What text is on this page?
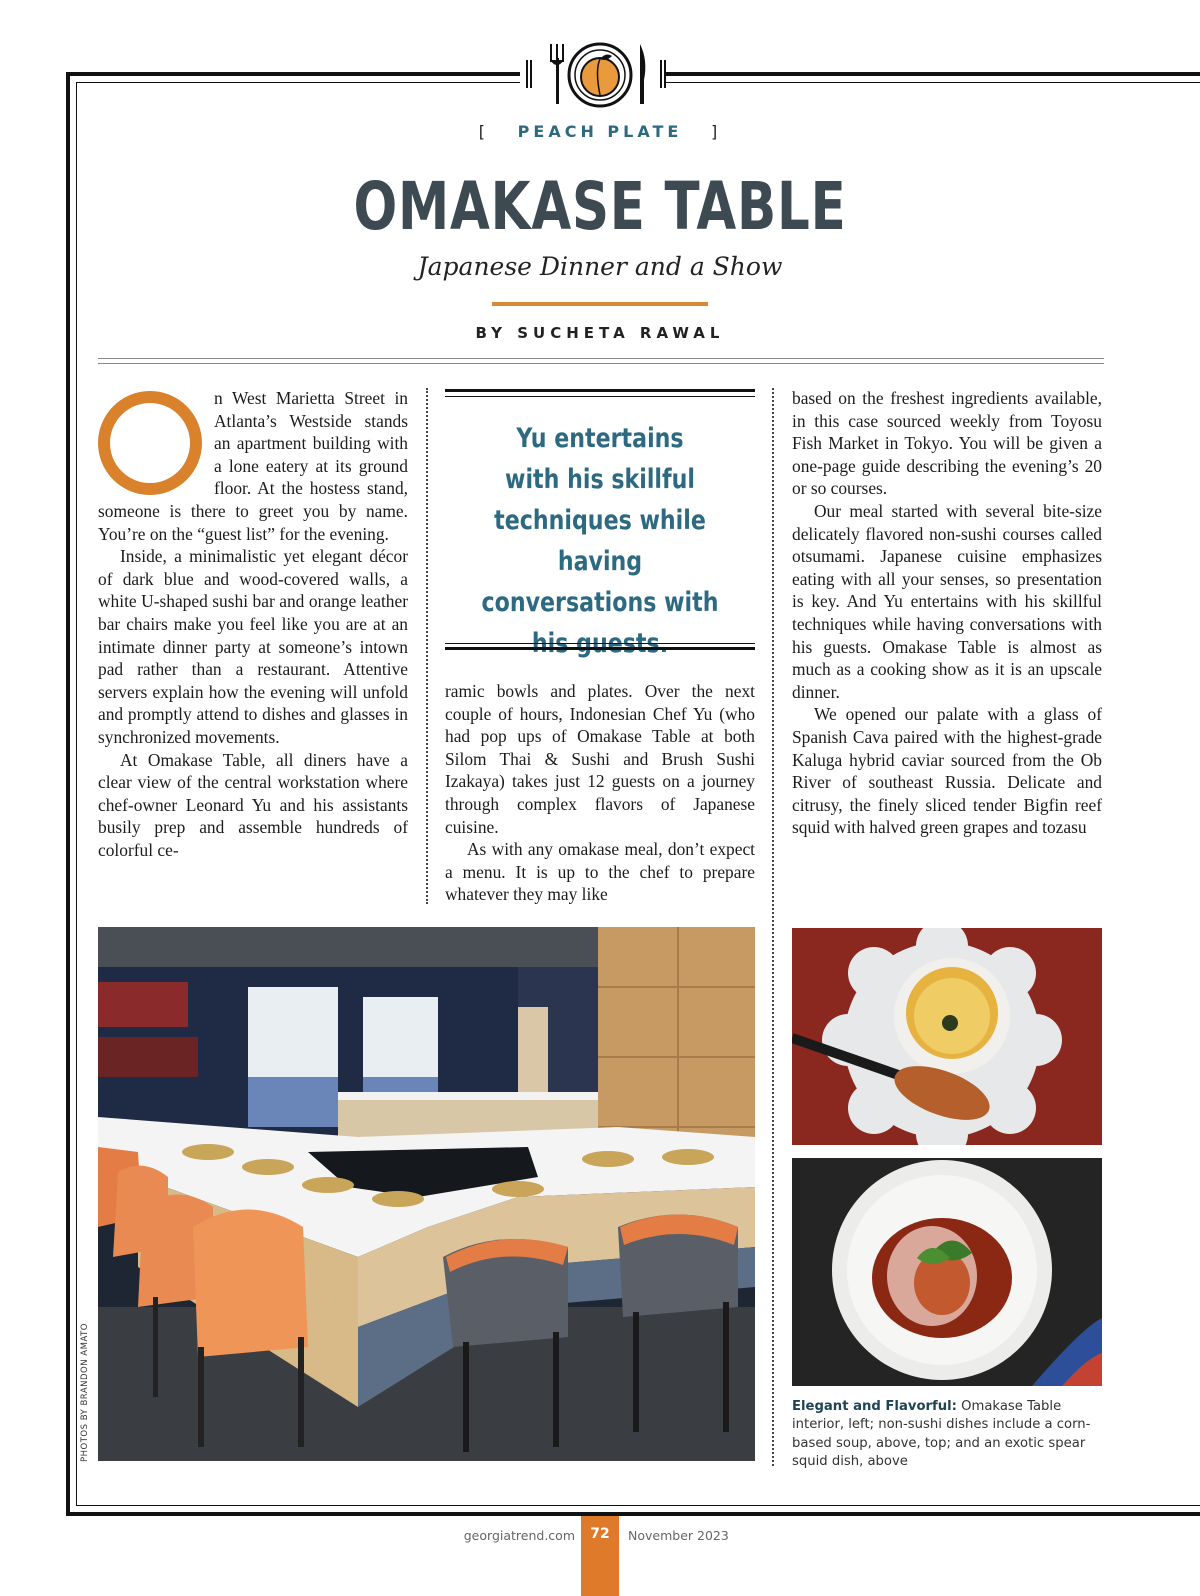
[ PEACH PLATE ]
OMAKASE TABLE
Japanese Dinner and a Show
BY SUCHETA RAWAL

n West Marietta Street in Atlanta’s Westside stands an apartment building with a lone eatery at its ground floor. At the hostess stand, someone is there to greet you by name. You’re on the “guest list” for the evening.

Inside, a minimalistic yet elegant décor of dark blue and wood-covered walls, a white U-shaped sushi bar and orange leather bar chairs make you feel like you are at an intimate dinner party at someone’s intown pad rather than a restaurant. Attentive servers explain how the evening will unfold and promptly attend to dishes and glasses in synchronized movements.

At Omakase Table, all diners have a clear view of the central workstation where chef-owner Leonard Yu and his assistants busily prep and assemble hundreds of colorful ce-

Yu entertains
with his skillful
techniques while having
conversations with

ramic bowls and plates. Over the next couple of hours, Indonesian Chef Yu (who had pop ups of Omakase Table at both Silom Thai & Sushi and Brush Sushi Izakaya) takes just 12 guests on a journey through complex flavors of Japanese cuisine.

As with any omakase meal, don’t expect a menu. It is up to the chef to prepare whatever they may like

based on the freshest ingredients available, in this case sourced weekly from Toyosu Fish Market in Tokyo. You will be given a one-page guide describing the evening’s 20 or so courses.

Our meal started with several bite-size delicately flavored non-sushi courses called otsumami. Japanese cuisine emphasizes eating with all your senses, so presentation is key. And Yu entertains with his skillful techniques while having conversations with his guests. Omakase Table is almost as much as a cooking show as it is an upscale dinner.

We opened our palate with a glass of Spanish Cava paired with the highest-grade Kaluga hybrid caviar sourced from the Ob River of southeast Russia. Delicate and citrusy, the finely sliced tender Bigfin reef squid with halved green grapes and tozasu

PHOTOS BY BRANDON AMATO	Elegant and Flavorful: Omakase Table interior, left; non-sushi dishes include a corn-based soup, above, top; and an exotic spear squid dish, above
georgiatrend.com	72	November 2023
